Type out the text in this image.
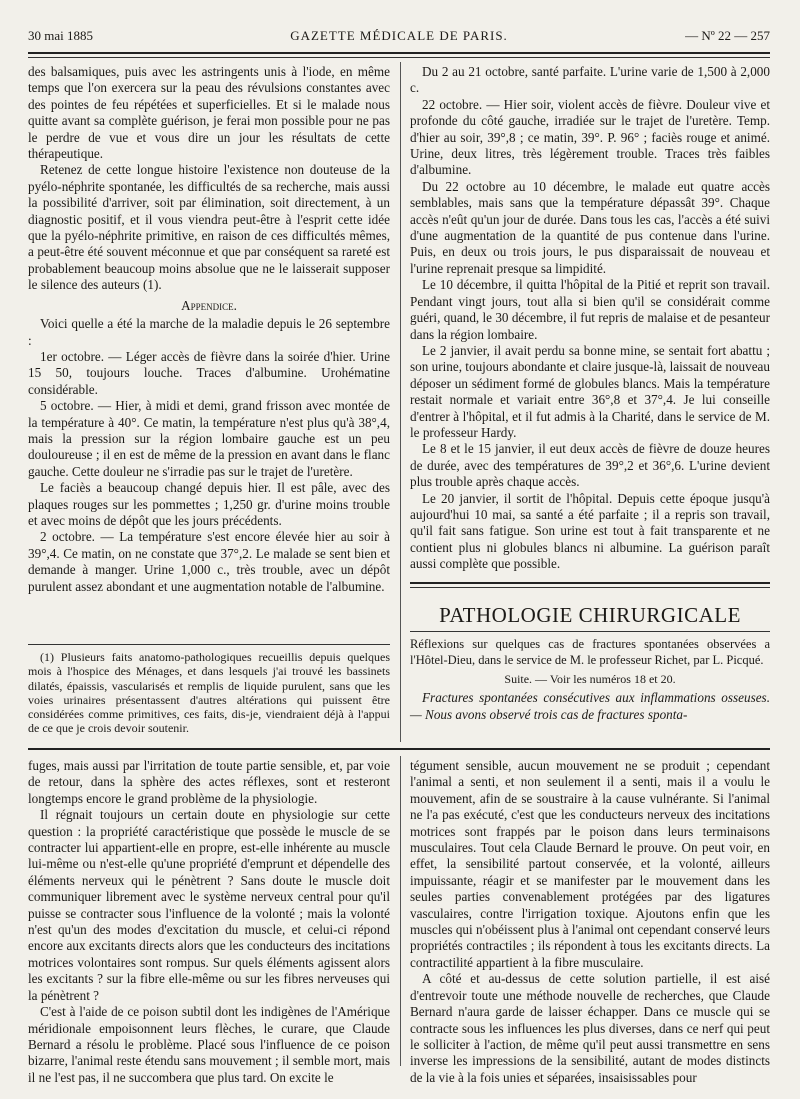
30 mai 1885	GAZETTE MÉDICALE DE PARIS.	— Nº 22 — 257

des balsamiques, puis avec les astringents unis à l'iode, en même temps que l'on exercera sur la peau des révulsions constantes avec des pointes de feu répétées et superficielles. Et si le malade nous quitte avant sa complète guérison, je ferai mon possible pour ne pas le perdre de vue et vous dire un jour les résultats de cette thérapeutique.

Retenez de cette longue histoire l'existence non douteuse de la pyélo-néphrite spontanée, les difficultés de sa recherche, mais aussi la possibilité d'arriver, soit par élimination, soit directement, à un diagnostic positif, et il vous viendra peut-être à l'esprit cette idée que la pyélo-néphrite primitive, en raison de ces difficultés mêmes, a peut-être été souvent méconnue et que par conséquent sa rareté est probablement beaucoup moins absolue que ne le laisserait supposer le silence des auteurs (1).

Appendice.

Voici quelle a été la marche de la maladie depuis le 26 septembre :

1er octobre. — Léger accès de fièvre dans la soirée d'hier. Urine 15 50, toujours louche. Traces d'albumine. Urohématine considérable.

5 octobre. — Hier, à midi et demi, grand frisson avec montée de la température à 40°. Ce matin, la température n'est plus qu'à 38°,4, mais la pression sur la région lombaire gauche est un peu douloureuse ; il en est de même de la pression en avant dans le flanc gauche. Cette douleur ne s'irradie pas sur le trajet de l'uretère.

Le faciès a beaucoup changé depuis hier. Il est pâle, avec des plaques rouges sur les pommettes ; 1,250 gr. d'urine moins trouble et avec moins de dépôt que les jours précédents.

2 octobre. — La température s'est encore élevée hier au soir à 39°,4. Ce matin, on ne constate que 37°,2. Le malade se sent bien et demande à manger. Urine 1,000 c., très trouble, avec un dépôt purulent assez abondant et une augmentation notable de l'albumine.

(1) Plusieurs faits anatomo-pathologiques recueillis depuis quelques mois à l'hospice des Ménages, et dans lesquels j'ai trouvé les bassinets dilatés, épaissis, vascularisés et remplis de liquide purulent, sans que les voies urinaires présentassent d'autres altérations qui puissent être considérées comme primitives, ces faits, dis-je, viendraient déjà à l'appui de ce que je crois devoir soutenir.

Du 2 au 21 octobre, santé parfaite. L'urine varie de 1,500 à 2,000 c.

22 octobre. — Hier soir, violent accès de fièvre. Douleur vive et profonde du côté gauche, irradiée sur le trajet de l'uretère. Temp. d'hier au soir, 39°,8 ; ce matin, 39°. P. 96° ; faciès rouge et animé. Urine, deux litres, très légèrement trouble. Traces très faibles d'albumine.

Du 22 octobre au 10 décembre, le malade eut quatre accès semblables, mais sans que la température dépassât 39°. Chaque accès n'eût qu'un jour de durée. Dans tous les cas, l'accès a été suivi d'une augmentation de la quantité de pus contenue dans l'urine. Puis, en deux ou trois jours, le pus disparaissait de nouveau et l'urine reprenait presque sa limpidité.

Le 10 décembre, il quitta l'hôpital de la Pitié et reprit son travail. Pendant vingt jours, tout alla si bien qu'il se considérait comme guéri, quand, le 30 décembre, il fut repris de malaise et de pesanteur dans la région lombaire.

Le 2 janvier, il avait perdu sa bonne mine, se sentait fort abattu ; son urine, toujours abondante et claire jusque-là, laissait de nouveau déposer un sédiment formé de globules blancs. Mais la température restait normale et variait entre 36°,8 et 37°,4. Je lui conseille d'entrer à l'hôpital, et il fut admis à la Charité, dans le service de M. le professeur Hardy.

Le 8 et le 15 janvier, il eut deux accès de fièvre de douze heures de durée, avec des températures de 39°,2 et 36°,6. L'urine devient plus trouble après chaque accès.

Le 20 janvier, il sortit de l'hôpital. Depuis cette époque jusqu'à aujourd'hui 10 mai, sa santé a été parfaite ; il a repris son travail, qu'il fait sans fatigue. Son urine est tout à fait transparente et ne contient plus ni globules blancs ni albumine. La guérison paraît aussi complète que possible.

PATHOLOGIE CHIRURGICALE

Réflexions sur quelques cas de fractures spontanées observées a l'Hôtel-Dieu, dans le service de M. le professeur Richet, par L. Picqué.

Suite. — Voir les numéros 18 et 20.

Fractures spontanées consécutives aux inflammations osseuses. — Nous avons observé trois cas de fractures sponta-

fuges, mais aussi par l'irritation de toute partie sensible, et, par voie de retour, dans la sphère des actes réflexes, sont et resteront longtemps encore le grand problème de la physiologie.

Il régnait toujours un certain doute en physiologie sur cette question : la propriété caractéristique que possède le muscle de se contracter lui appartient-elle en propre, est-elle inhérente au muscle lui-même ou n'est-elle qu'une propriété d'emprunt et dépendelle des éléments nerveux qui le pénètrent ? Sans doute le muscle doit communiquer librement avec le système nerveux central pour qu'il puisse se contracter sous l'influence de la volonté ; mais la volonté n'est qu'un des modes d'excitation du muscle, et celui-ci répond encore aux excitants directs alors que les conducteurs des incitations motrices volontaires sont rompus. Sur quels éléments agissent alors les excitants ? sur la fibre elle-même ou sur les fibres nerveuses qui la pénètrent ?

C'est à l'aide de ce poison subtil dont les indigènes de l'Amérique méridionale empoisonnent leurs flèches, le curare, que Claude Bernard a résolu le problème. Placé sous l'influence de ce poison bizarre, l'animal reste étendu sans mouvement ; il semble mort, mais il ne l'est pas, il ne succombera que plus tard. On excite le

tégument sensible, aucun mouvement ne se produit ; cependant l'animal a senti, et non seulement il a senti, mais il a voulu le mouvement, afin de se soustraire à la cause vulnérante. Si l'animal ne l'a pas exécuté, c'est que les conducteurs nerveux des incitations motrices sont frappés par le poison dans leurs terminaisons musculaires. Tout cela Claude Bernard le prouve. On peut voir, en effet, la sensibilité partout conservée, et la volonté, ailleurs impuissante, réagir et se manifester par le mouvement dans les seules parties convenablement protégées par des ligatures vasculaires, contre l'irrigation toxique. Ajoutons enfin que les muscles qui n'obéissent plus à l'animal ont cependant conservé leurs propriétés contractiles ; ils répondent à tous les excitants directs. La contractilité appartient à la fibre musculaire.

A côté et au-dessus de cette solution partielle, il est aisé d'entrevoir toute une méthode nouvelle de recherches, que Claude Bernard n'aura garde de laisser échapper. Dans ce muscle qui se contracte sous les influences les plus diverses, dans ce nerf qui peut le solliciter à l'action, de même qu'il peut aussi transmettre en sens inverse les impressions de la sensibilité, autant de modes distincts de la vie à la fois unies et séparées, insaisissables pour
